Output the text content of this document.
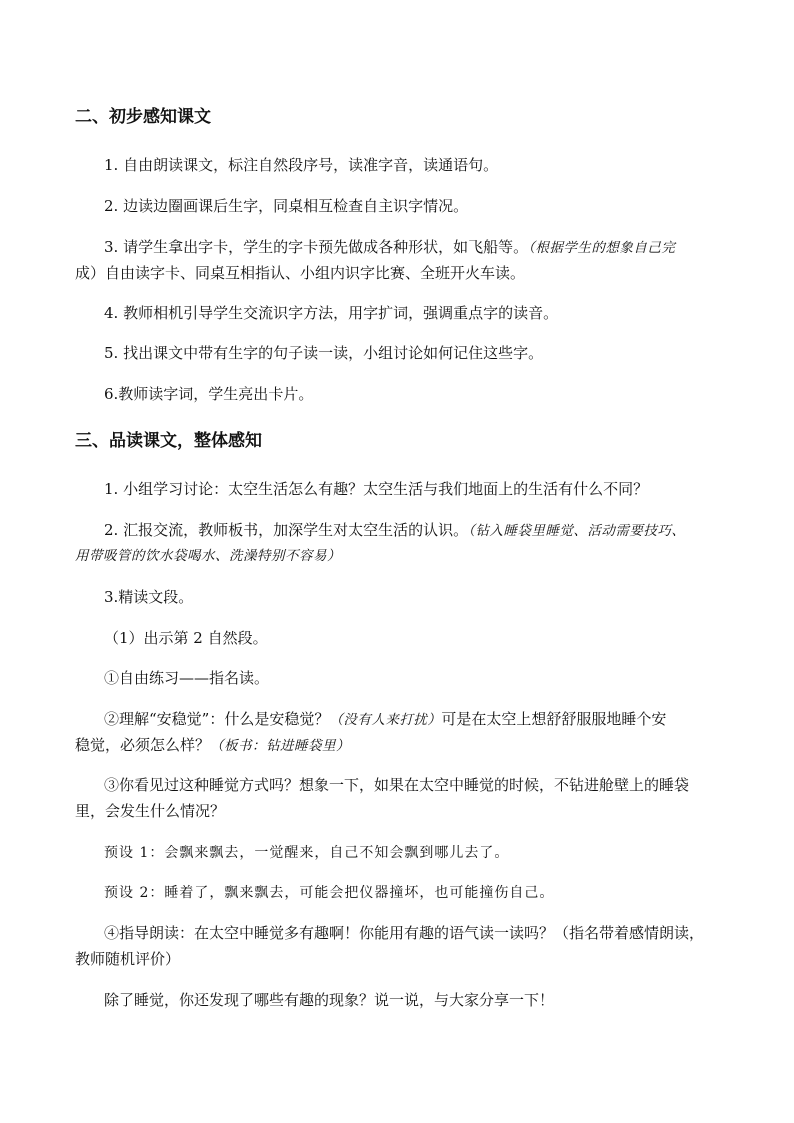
二、初步感知课文
1. 自由朗读课文，标注自然段序号，读准字音，读通语句。
2. 边读边圈画课后生字，同桌相互检查自主识字情况。
3. 请学生拿出字卡，学生的字卡预先做成各种形状，如飞船等。（根据学生的想象自己完
成）自由读字卡、同桌互相指认、小组内识字比赛、全班开火车读。
4. 教师相机引导学生交流识字方法，用字扩词，强调重点字的读音。
5. 找出课文中带有生字的句子读一读，小组讨论如何记住这些字。
6.教师读字词，学生亮出卡片。
三、品读课文，整体感知
1. 小组学习讨论：太空生活怎么有趣？太空生活与我们地面上的生活有什么不同？
2. 汇报交流，教师板书，加深学生对太空生活的认识。（钻入睡袋里睡觉、活动需要技巧、
用带吸管的饮水袋喝水、洗澡特别不容易）
3.精读文段。
（1）出示第 2 自然段。
①自由练习——指名读。
②理解“安稳觉”：什么是安稳觉？（没有人来打扰）可是在太空上想舒舒服服地睡个安
稳觉，必须怎么样？（板书：钻进睡袋里）
③你看见过这种睡觉方式吗？想象一下，如果在太空中睡觉的时候，不钻进舱壁上的睡袋
里，会发生什么情况？
预设 1：会飘来飘去，一觉醒来，自己不知会飘到哪儿去了。
预设 2：睡着了，飘来飘去，可能会把仪器撞坏，也可能撞伤自己。
④指导朗读：在太空中睡觉多有趣啊！你能用有趣的语气读一读吗？（指名带着感情朗读，
教师随机评价）
除了睡觉，你还发现了哪些有趣的现象？说一说，与大家分享一下！
